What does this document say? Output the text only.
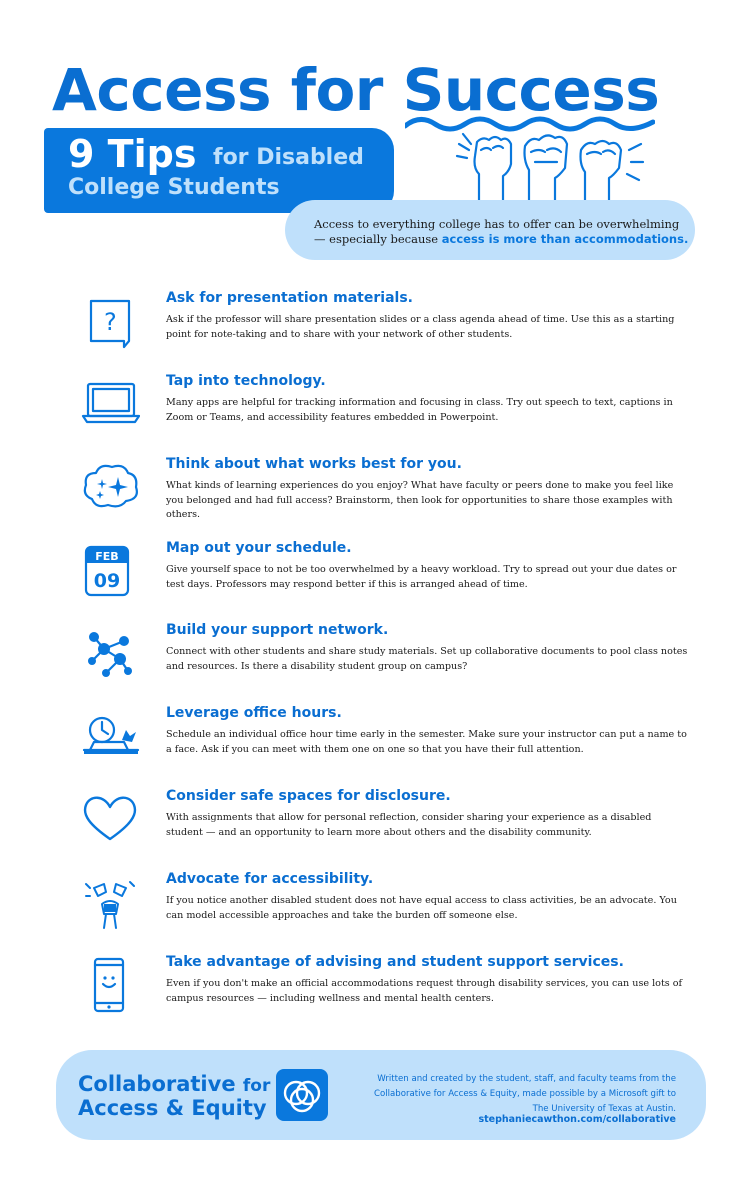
Access for Success
9 Tips for Disabled
College Students
Access to everything college has to offer can be overwhelming — especially because access is more than accommodations.
?
Ask for presentation materials.

Ask if the professor will share presentation slides or a class agenda ahead of time. Use this as a starting point for note-taking and to share with your network of other students.

Tap into technology.

Many apps are helpful for tracking information and focusing in class. Try out speech to text, captions in Zoom or Teams, and accessibility features embedded in Powerpoint.

Think about what works best for you.

What kinds of learning experiences do you enjoy? What have faculty or peers done to make you feel like you belonged and had full access? Brainstorm, then look for opportunities to share those examples with others.

FEB
09
Map out your schedule.

Give yourself space to not be too overwhelmed by a heavy workload. Try to spread out your due dates or test days. Professors may respond better if this is arranged ahead of time.

Build your support network.

Connect with other students and share study materials. Set up collaborative documents to pool class notes and resources. Is there a disability student group on campus?

Leverage office hours.

Schedule an individual office hour time early in the semester. Make sure your instructor can put a name to a face. Ask if you can meet with them one on one so that you have their full attention.

Consider safe spaces for disclosure.

With assignments that allow for personal reflection, consider sharing your experience as a disabled student — and an opportunity to learn more about others and the disability community.

Advocate for accessibility.

If you notice another disabled student does not have equal access to class activities, be an advocate. You can model accessible approaches and take the burden off someone else.

Take advantage of advising and student support services.

Even if you don't make an official accommodations request through disability services, you can use lots of campus resources — including wellness and mental health centers.

Collaborative for
Access & Equity
Written and created by the student, staff, and faculty teams from the
Collaborative for Access & Equity, made possible by a Microsoft gift to
The University of Texas at Austin.
stephaniecawthon.com/collaborative
